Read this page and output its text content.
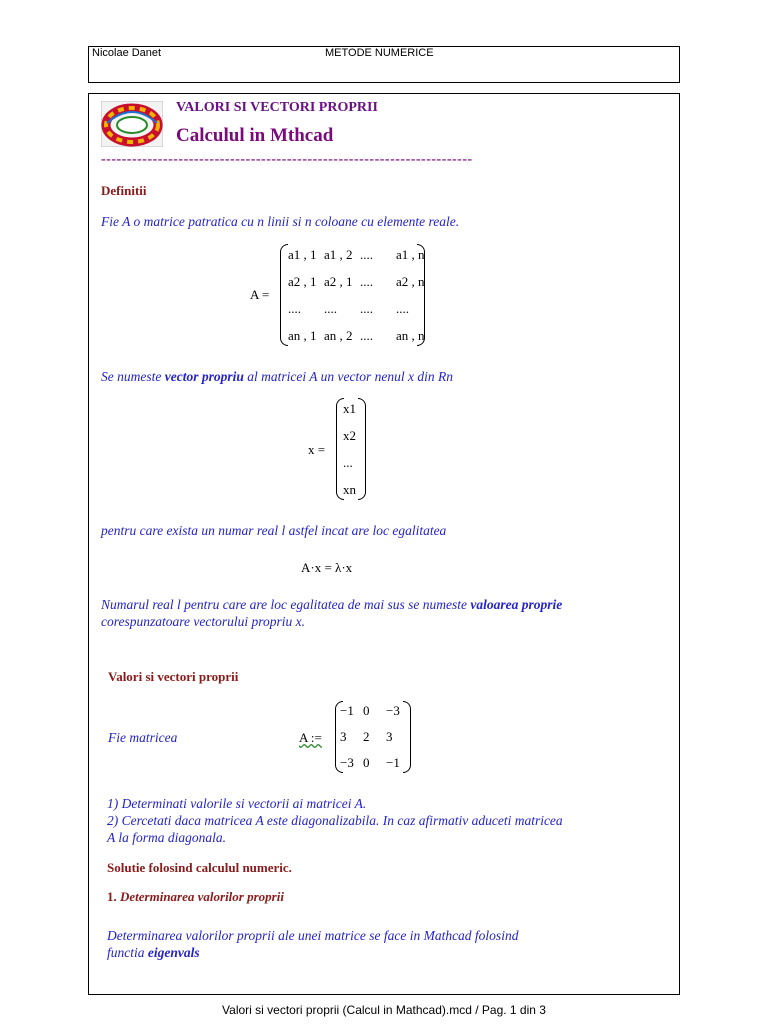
Nicolae Danet	METODE NUMERICE
VALORI SI VECTORI PROPRII
Calculul in Mthcad
------------------------------------------------------------------------
Definitii
Fie A o matrice patratica cu n linii si n coloane cu elemente reale.
A =
a1 , 1 a1 , 2 .... a1 , n
a2 , 1 a2 , 1 .... a2 , n
.... .... .... ....
an , 1 an , 2 .... an , n
Se numeste vector propriu al matricei A un vector nenul x din Rn
x =
x1
x2
...
xn
pentru care exista un numar real l astfel incat are loc egalitatea
A·x = λ·x
Numarul real l pentru care are loc egalitatea de mai sus se numeste valoarea proprie
corespunzatoare vectorului propriu x.
Valori si vectori proprii
Fie matricea	A :=
−1 0 −3
3 2 3
−3 0 −1
1) Determinati valorile si vectorii ai matricei A.
2) Cercetati daca matricea A este diagonalizabila. In caz afirmativ aduceti matricea
A la forma diagonala.
Solutie folosind calculul numeric.
1. Determinarea valorilor proprii
Determinarea valorilor proprii ale unei matrice se face in Mathcad folosind
functia eigenvals
Valori si vectori proprii (Calcul in Mathcad).mcd / Pag. 1 din 3
